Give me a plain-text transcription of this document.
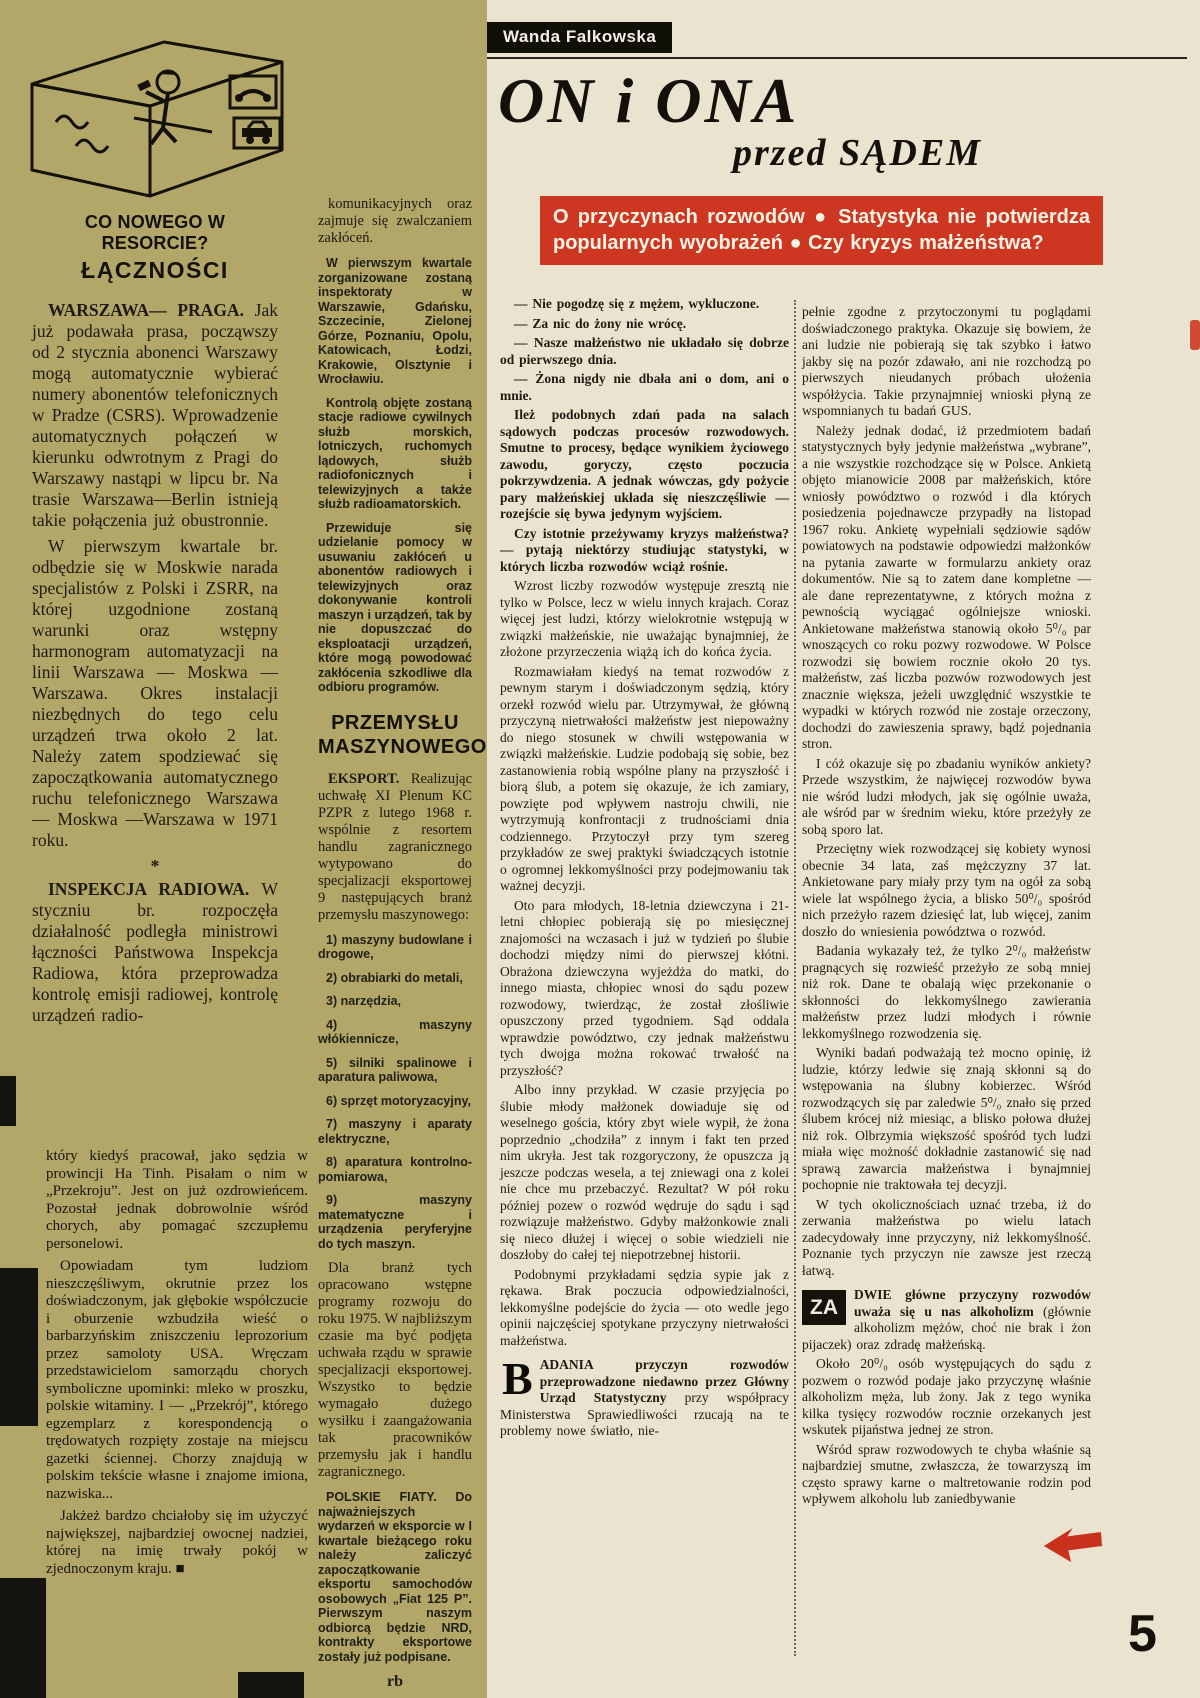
CO NOWEGO W RESORCIE?
ŁĄCZNOŚCI

WARSZAWA— PRAGA. Jak już podawała prasa, począwszy od 2 stycznia abonenci Warszawy mogą automatycznie wybierać numery abonentów telefonicznych w Pradze (CSRS). Wprowadzenie automatycznych połączeń w kierunku odwrotnym z Pragi do Warszawy nastąpi w lipcu br. Na trasie Warszawa—Berlin istnieją takie połączenia już obustronnie.

W pierwszym kwartale br. odbędzie się w Moskwie narada specjalistów z Polski i ZSRR, na której uzgodnione zostaną warunki oraz wstępny harmonogram automatyzacji na linii Warszawa — Moskwa — Warszawa. Okres instalacji niezbędnych do tego celu urządzeń trwa około 2 lat. Należy zatem spodziewać się zapoczątkowania automatycznego ruchu telefonicznego Warszawa — Moskwa —Warszawa w 1971 roku.

*

INSPEKCJA RADIOWA. W styczniu br. rozpoczęła działalność podległa ministrowi łączności Państwowa Inspekcja Radiowa, która przeprowadza kontrolę emisji radiowej, kontrolę urządzeń radio-

komunikacyjnych oraz zajmuje się zwalczaniem zakłóceń.

W pierwszym kwartale zorganizowane zostaną inspektoraty w Warszawie, Gdańsku, Szczecinie, Zielonej Górze, Poznaniu, Opolu, Katowicach, Łodzi, Krakowie, Olsztynie i Wrocławiu.

Kontrolą objęte zostaną stacje radiowe cywilnych służb morskich, lotniczych, ruchomych lądowych, służb radiofonicznych i telewizyjnych a także służb radioamatorskich.

Przewiduje się udzielanie pomocy w usuwaniu zakłóceń u abonentów radiowych i telewizyjnych oraz dokonywanie kontroli maszyn i urządzeń, tak by nie dopuszczać do eksploatacji urządzeń, które mogą powodować zakłócenia szkodliwe dla odbioru programów.

PRZEMYSŁU MASZYNOWEGO

EKSPORT. Realizując uchwałę XI Plenum KC PZPR z lutego 1968 r. wspólnie z resortem handlu zagranicznego wytypowano do specjalizacji eksportowej 9 następujących branż przemysłu maszynowego:

1) maszyny budowlane i drogowe,

2) obrabiarki do metali,

3) narzędzia,

4) maszyny włókiennicze,

5) silniki spalinowe i aparatura paliwowa,

6) sprzęt motoryzacyjny,

7) maszyny i aparaty elektryczne,

8) aparatura kontrolno-pomiarowa,

9) maszyny matematyczne i urządzenia peryferyjne do tych maszyn.

Dla branż tych opracowano wstępne programy rozwoju do roku 1975. W najbliższym czasie ma być podjęta uchwała rządu w sprawie specjalizacji eksportowej. Wszystko to będzie wymagało dużego wysiłku i zaangażowania tak pracowników przemysłu jak i handlu zagranicznego.

POLSKIE FIATY. Do najważniejszych wydarzeń w eksporcie w I kwartale bieżącego roku należy zaliczyć zapoczątkowanie eksportu samochodów osobowych „Fiat 125 P”. Pierwszym naszym odbiorcą będzie NRD, kontrakty eksportowe zostały już podpisane.

rb
Wanda Falkowska
ON i ONA
przed SĄDEM
O przyczynach rozwodów ● Statystyka nie potwierdza popularnych wyobrażeń ● Czy kryzys małżeństwa?

— Nie pogodzę się z mężem, wykluczone.

— Za nic do żony nie wrócę.

— Nasze małżeństwo nie układało się dobrze od pierwszego dnia.

— Żona nigdy nie dbała ani o dom, ani o mnie.

Ileż podobnych zdań pada na salach sądowych podczas procesów rozwodowych. Smutne to procesy, będące wynikiem życiowego zawodu, goryczy, często poczucia pokrzywdzenia. A jednak wówczas, gdy pożycie pary małżeńskiej układa się nieszczęśliwie — rozejście się bywa jedynym wyjściem.

Czy istotnie przeżywamy kryzys małżeństwa? — pytają niektórzy studiując statystyki, w których liczba rozwodów wciąż rośnie.

Wzrost liczby rozwodów występuje zresztą nie tylko w Polsce, lecz w wielu innych krajach. Coraz więcej jest ludzi, którzy wielokrotnie wstępują w związki małżeńskie, nie uważając bynajmniej, że złożone przyrzeczenia wiążą ich do końca życia.

Rozmawiałam kiedyś na temat rozwodów z pewnym starym i doświadczonym sędzią, który orzekł rozwód wielu par. Utrzymywał, że główną przyczyną nietrwałości małżeństw jest niepoważny do niego stosunek w chwili wstępowania w związki małżeńskie. Ludzie podobają się sobie, bez zastanowienia robią wspólne plany na przyszłość i biorą ślub, a potem się okazuje, że ich zamiary, powzięte pod wpływem nastroju chwili, nie wytrzymują konfrontacji z trudnościami dnia codziennego. Przytoczył przy tym szereg przykładów ze swej praktyki świadczących istotnie o ogromnej lekkomyślności przy podejmowaniu tak ważnej decyzji.

Oto para młodych, 18-letnia dziewczyna i 21-letni chłopiec pobierają się po miesięcznej znajomości na wczasach i już w tydzień po ślubie dochodzi między nimi do pierwszej kłótni. Obrażona dziewczyna wyjeżdża do matki, do innego miasta, chłopiec wnosi do sądu pozew rozwodowy, twierdząc, że został złośliwie opuszczony przed tygodniem. Sąd oddala wprawdzie powództwo, czy jednak małżeństwu tych dwojga można rokować trwałość na przyszłość?

Albo inny przykład. W czasie przyjęcia po ślubie młody małżonek dowiaduje się od weselnego gościa, który zbyt wiele wypił, że żona poprzednio „chodziła” z innym i fakt ten przed nim ukryła. Jest tak rozgoryczony, że opuszcza ją jeszcze podczas wesela, a tej zniewagi ona z kolei nie chce mu przebaczyć. Rezultat? W pół roku później pozew o rozwód wędruje do sądu i sąd rozwiązuje małżeństwo. Gdyby małżonkowie znali się nieco dłużej i więcej o sobie wiedzieli nie doszłoby do całej tej niepotrzebnej historii.

Podobnymi przykładami sędzia sypie jak z rękawa. Brak poczucia odpowiedzialności, lekkomyślne podejście do życia — oto wedle jego opinii najczęściej spotykane przyczyny nietrwałości małżeństwa.

BADANIA przyczyn rozwodów przeprowadzone niedawno przez Główny Urząd Statystyczny przy współpracy Ministerstwa Sprawiedliwości rzucają na te problemy nowe światło, nie-

pełnie zgodne z przytoczonymi tu poglądami doświadczonego praktyka. Okazuje się bowiem, że ani ludzie nie pobierają się tak szybko i łatwo jakby się na pozór zdawało, ani nie rozchodzą po pierwszych nieudanych próbach ułożenia współżycia. Takie przynajmniej wnioski płyną ze wspomnianych tu badań GUS.

Należy jednak dodać, iż przedmiotem badań statystycznych były jedynie małżeństwa „wybrane”, a nie wszystkie rozchodzące się w Polsce. Ankietą objęto mianowicie 2008 par małżeńskich, które wniosły powództwo o rozwód i dla których posiedzenia pojednawcze przypadły na listopad 1967 roku. Ankietę wypełniali sędziowie sądów powiatowych na podstawie odpowiedzi małżonków na pytania zawarte w formularzu ankiety oraz dokumentów. Nie są to zatem dane kompletne — ale dane reprezentatywne, z których można z pewnością wyciągać ogólniejsze wnioski. Ankietowane małżeństwa stanowią około 5⁰/₀ par wnoszących co roku pozwy rozwodowe. W Polsce rozwodzi się bowiem rocznie około 20 tys. małżeństw, zaś liczba pozwów rozwodowych jest znacznie większa, jeżeli uwzględnić wszystkie te wypadki w których rozwód nie zostaje orzeczony, dochodzi do zawieszenia sprawy, bądź pojednania stron.

I cóż okazuje się po zbadaniu wyników ankiety? Przede wszystkim, że najwięcej rozwodów bywa nie wśród ludzi młodych, jak się ogólnie uważa, ale wśród par w średnim wieku, które przeżyły ze sobą sporo lat.

Przeciętny wiek rozwodzącej się kobiety wynosi obecnie 34 lata, zaś mężczyzny 37 lat. Ankietowane pary miały przy tym na ogół za sobą wiele lat wspólnego życia, a blisko 50⁰/₀ spośród nich przeżyło razem dziesięć lat, lub więcej, zanim doszło do wniesienia powództwa o rozwód.

Badania wykazały też, że tylko 2⁰/₀ małżeństw pragnących się rozwieść przeżyło ze sobą mniej niż rok. Dane te obalają więc przekonanie o skłonności do lekkomyślnego zawierania małżeństw przez ludzi młodych i równie lekkomyślnego rozwodzenia się.

Wyniki badań podważają też mocno opinię, iż ludzie, którzy ledwie się znają skłonni są do wstępowania na ślubny kobierzec. Wśród rozwodzących się par zaledwie 5⁰/₀ znało się przed ślubem krócej niż miesiąc, a blisko połowa dłużej niż rok. Olbrzymia większość spośród tych ludzi miała więc możność dokładnie zastanowić się nad sprawą zawarcia małżeństwa i bynajmniej pochopnie nie traktowała tej decyzji.

W tych okolicznościach uznać trzeba, iż do zerwania małżeństwa po wielu latach zadecydowały inne przyczyny, niż lekkomyślność. Poznanie tych przyczyn nie zawsze jest rzeczą łatwą.

ZA
DWIE główne przyczyny rozwodów uważa się u nas alkoholizm (głównie alkoholizm mężów, choć nie brak i żon pijaczek) oraz zdradę małżeńską.

Około 20⁰/₀ osób występujących do sądu z pozwem o rozwód podaje jako przyczynę właśnie alkoholizm męża, lub żony. Jak z tego wynika kilka tysięcy rozwodów rocznie orzekanych jest wskutek pijaństwa jednej ze stron.

Wśród spraw rozwodowych te chyba właśnie są najbardziej smutne, zwłaszcza, że towarzyszą im często sprawy karne o maltretowanie rodzin pod wpływem alkoholu lub zaniedbywanie

który kiedyś pracował, jako sędzia w prowincji Ha Tinh. Pisałam o nim w „Przekroju”. Jest on już ozdrowieńcem. Pozostał jednak dobrowolnie wśród chorych, aby pomagać szczupłemu personelowi.

Opowiadam tym ludziom nieszczęśliwym, okrutnie przez los doświadczonym, jak głębokie współczucie i oburzenie wzbudziła wieść o barbarzyńskim zniszczeniu leprozorium przez samoloty USA. Wręczam przedstawicielom samorządu chorych symboliczne upominki: mleko w proszku, polskie witaminy. I — „Przekrój”, którego egzemplarz z korespondencją o trędowatych rozpięty zostaje na miejscu gazetki ściennej. Chorzy znajdują w polskim tekście własne i znajome imiona, nazwiska...

Jakżeż bardzo chciałoby się im użyczyć największej, najbardziej owocnej nadziei, której na imię trwały pokój w zjednoczonym kraju. ■

5
